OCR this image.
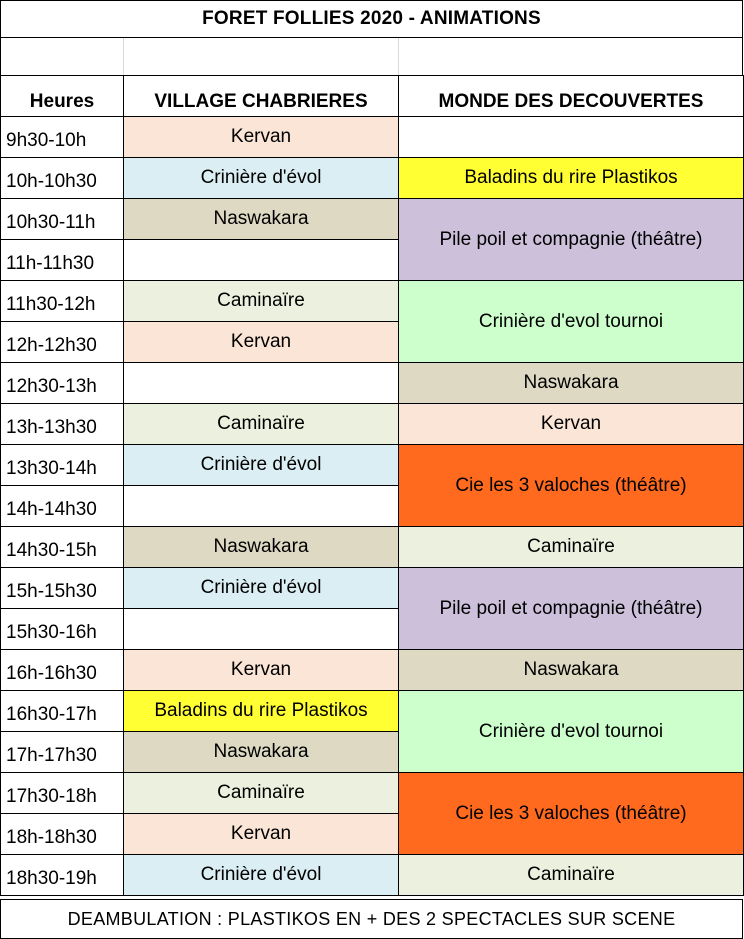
FORET FOLLIES 2020 - ANIMATIONS
Heures	VILLAGE CHABRIERES	MONDE DES DECOUVERTES
9h30-10h	Kervan	
10h-10h30	Crinière d'évol	Baladins du rire Plastikos
10h30-11h	Naswakara	Pile poil et compagnie (théâtre)
11h-11h30		
11h30-12h	Caminaïre	Crinière d'evol tournoi
12h-12h30	Kervan	
12h30-13h		Naswakara
13h-13h30	Caminaïre	Kervan
13h30-14h	Crinière d'évol	Cie les 3 valoches (théâtre)
14h-14h30		
14h30-15h	Naswakara	Caminaïre
15h-15h30	Crinière d'évol	Pile poil et compagnie (théâtre)
15h30-16h		
16h-16h30	Kervan	Naswakara
16h30-17h	Baladins du rire Plastikos	Crinière d'evol tournoi
17h-17h30	Naswakara	
17h30-18h	Caminaïre	Cie les 3 valoches (théâtre)
18h-18h30	Kervan	
18h30-19h	Crinière d'évol	Caminaïre
DEAMBULATION : PLASTIKOS EN + DES 2 SPECTACLES SUR SCENE
